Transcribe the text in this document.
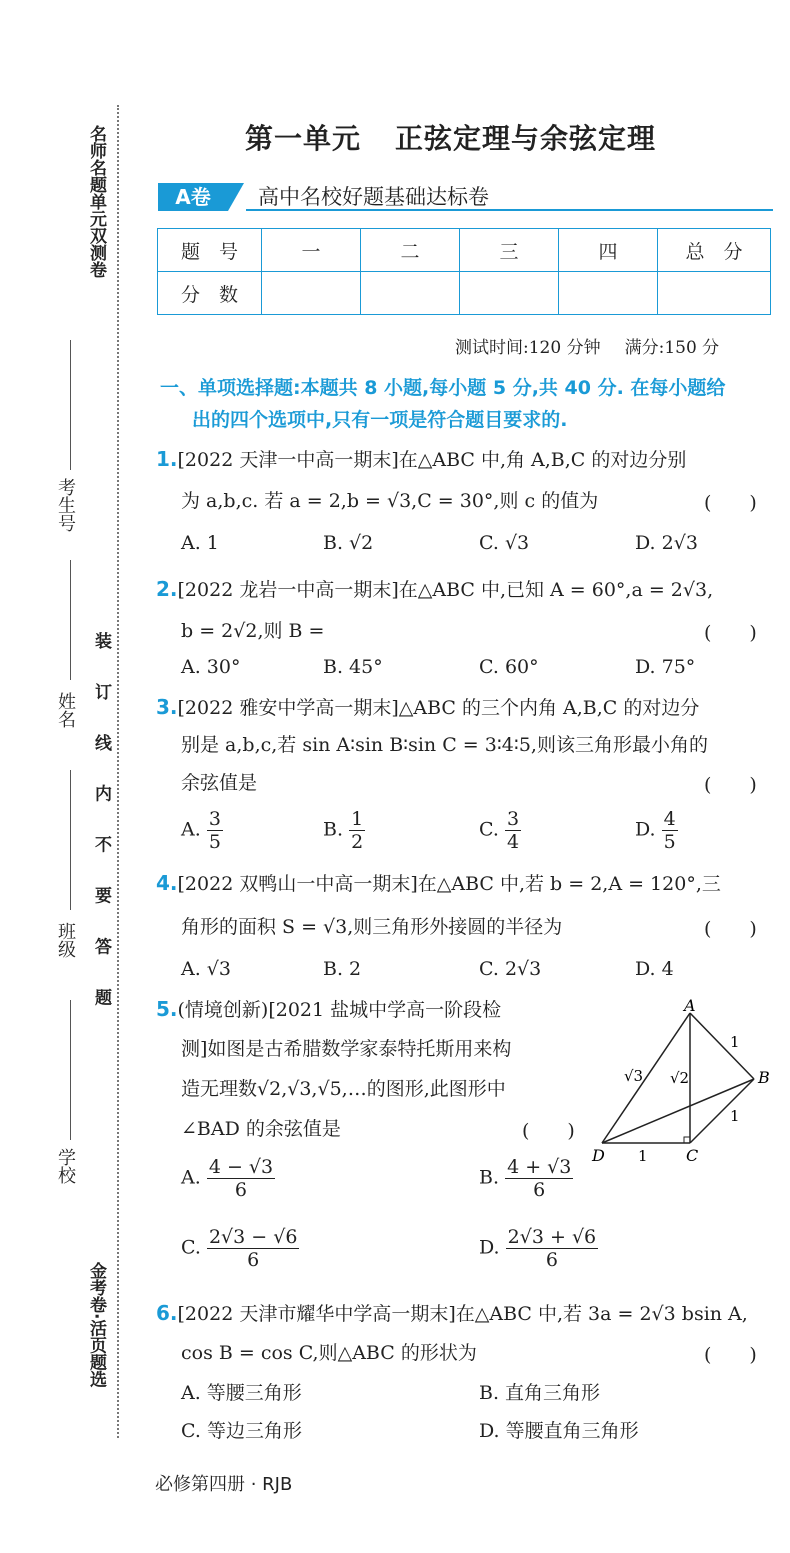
名师名题单元双测卷
考生号
姓名
班级
学校
装 订 线 内 不 要 答 题
金考卷·活页题选
第一单元 正弦定理与余弦定理
A卷	高中名校好题基础达标卷
题　号	一	二	三	四	总　分
分　数					
测试时间:120 分钟 满分:150 分
一、单项选择题:本题共 8 小题,每小题 5 分,共 40 分. 在每小题给
出的四个选项中,只有一项是符合题目要求的.
1.[2022 天津一中高一期末]在△ABC 中,角 A,B,C 的对边分别
为 a,b,c. 若 a = 2,b = √3,C = 30°,则 c 的值为	(　　)
A. 1	B. √2	C. √3	D. 2√3
2.[2022 龙岩一中高一期末]在△ABC 中,已知 A = 60°,a = 2√3,
b = 2√2,则 B =	(　　)
A. 30°	B. 45°	C. 60°	D. 75°
3.[2022 雅安中学高一期末]△ABC 的三个内角 A,B,C 的对边分
别是 a,b,c,若 sin A∶sin B∶sin C = 3∶4∶5,则该三角形最小角的
余弦值是	(　　)
A. $\frac{3}{5}$	B. $\frac{1}{2}$	C. $\frac{3}{4}$	D. $\frac{4}{5}$
4.[2022 双鸭山一中高一期末]在△ABC 中,若 b = 2,A = 120°,三
角形的面积 S = √3,则三角形外接圆的半径为	(　　)
A. √3	B. 2	C. 2√3	D. 4
5.(情境创新)[2021 盐城中学高一阶段检
测]如图是古希腊数学家泰特托斯用来构
造无理数√2,√3,√5,…的图形,此图形中
∠BAD 的余弦值是	(　　)
A
B
C
D
1
1
1
√3 √2
A. $\frac{4 - √3}{6}$	B. $\frac{4 + √3}{6}$
C. $\frac{2√3 - √6}{6}$	D. $\frac{2√3 + √6}{6}$
6.[2022 天津市耀华中学高一期末]在△ABC 中,若 3a = 2√3 bsin A,
cos B = cos C,则△ABC 的形状为	(　　)
A. 等腰三角形	B. 直角三角形
C. 等边三角形	D. 等腰直角三角形
必修第四册 · RJB
